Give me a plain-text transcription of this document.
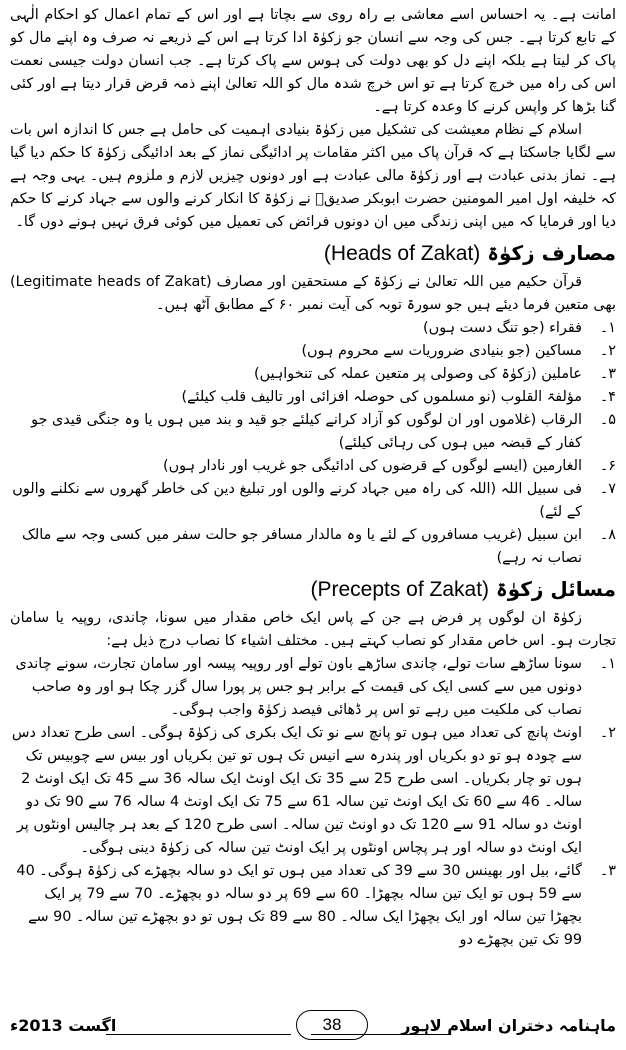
امانت ہے۔ یہ احساس اسے معاشی بے راہ روی سے بچاتا ہے اور اس کے تمام اعمال کو احکام الٰہی کے تابع کرتا ہے۔ جس کی وجہ سے انسان جو زکوٰۃ ادا کرتا ہے اس کے ذریعے نہ صرف وہ اپنے مال کو پاک کر لیتا ہے بلکہ اپنے دل کو بھی دولت کی ہوس سے پاک کرتا ہے۔ جب انسان دولت جیسی نعمت اس کی راہ میں خرچ کرتا ہے تو اس خرچ شدہ مال کو اللہ تعالیٰ اپنے ذمہ قرض قرار دیتا ہے اور کئی گنا بڑھا کر واپس کرنے کا وعدہ کرتا ہے۔

اسلام کے نظام معیشت کی تشکیل میں زکوٰۃ بنیادی اہمیت کی حامل ہے جس کا اندازہ اس بات سے لگایا جاسکتا ہے کہ قرآن پاک میں اکثر مقامات پر ادائیگی نماز کے بعد ادائیگی زکوٰۃ کا حکم دیا گیا ہے۔ نماز بدنی عبادت ہے اور زکوٰۃ مالی عبادت ہے اور دونوں چیزیں لازم و ملزوم ہیں۔ یہی وجہ ہے کہ خلیفہ اول امیر المومنین حضرت ابوبکر صدیقؓ نے زکوٰۃ کا انکار کرنے والوں سے جہاد کرنے کا حکم دیا اور فرمایا کہ میں اپنی زندگی میں ان دونوں فرائض کی تعمیل میں کوئی فرق نہیں ہونے دوں گا۔

مصارف زکوٰۃ (Heads of Zakat)

قرآن حکیم میں اللہ تعالیٰ نے زکوٰۃ کے مستحقین اور مصارف (Legitimate heads of Zakat) بھی متعین فرما دیئے ہیں جو سورۃ توبہ کی آیت نمبر ۶۰ کے مطابق آٹھ ہیں۔

۱۔
فقراء (جو تنگ دست ہوں)
۲۔
مساکین (جو بنیادی ضروریات سے محروم ہوں)
۳۔
عاملین (زکوٰۃ کی وصولی پر متعین عملہ کی تنخواہیں)
۴۔
مؤلفۃ القلوب (نو مسلموں کی حوصلہ افزائی اور تالیف قلب کیلئے)
۵۔
الرقاب (غلاموں اور ان لوگوں کو آزاد کرانے کیلئے جو قید و بند میں ہوں یا وہ جنگی قیدی جو کفار کے قبضہ میں ہوں کی رہائی کیلئے)
۶۔
الغارمین (ایسے لوگوں کے قرضوں کی ادائیگی جو غریب اور نادار ہوں)
۷۔
فی سبیل اللہ (اللہ کی راہ میں جہاد کرنے والوں اور تبلیغ دین کی خاطر گھروں سے نکلنے والوں کے لئے)
۸۔
ابن سبیل (غریب مسافروں کے لئے یا وہ مالدار مسافر جو حالت سفر میں کسی وجہ سے مالک نصاب نہ رہے)
مسائل زکوٰۃ (Precepts of Zakat)

زکوٰۃ ان لوگوں پر فرض ہے جن کے پاس ایک خاص مقدار میں سونا، چاندی، روپیہ یا سامان تجارت ہو۔ اس خاص مقدار کو نصاب کہتے ہیں۔ مختلف اشیاء کا نصاب درج ذیل ہے:

۱۔
سونا ساڑھے سات تولے، چاندی ساڑھے باون تولے اور روپیہ پیسہ اور سامان تجارت، سونے چاندی دونوں میں سے کسی ایک کی قیمت کے برابر ہو جس پر پورا سال گزر چکا ہو اور وہ صاحب نصاب کی ملکیت میں رہے تو اس پر ڈھائی فیصد زکوٰۃ واجب ہوگی۔
۲۔
اونٹ پانچ کی تعداد میں ہوں تو پانچ سے نو تک ایک بکری کی زکوٰۃ ہوگی۔ اسی طرح تعداد دس سے چودہ ہو تو دو بکریاں اور پندرہ سے انیس تک ہوں تو تین بکریاں اور بیس سے چوبیس تک ہوں تو چار بکریاں۔ اسی طرح 25 سے 35 تک ایک اونٹ ایک سالہ 36 سے 45 تک ایک اونٹ 2 سالہ۔ 46 سے 60 تک ایک اونٹ تین سالہ 61 سے 75 تک ایک اونٹ 4 سالہ 76 سے 90 تک دو اونٹ دو سالہ 91 سے 120 تک دو اونٹ تین سالہ۔ اسی طرح 120 کے بعد ہر چالیس اونٹوں پر ایک اونٹ دو سالہ اور ہر پچاس اونٹوں پر ایک اونٹ تین سالہ کی زکوٰۃ دینی ہوگی۔
۳۔
گائے، بیل اور بھینس 30 سے 39 کی تعداد میں ہوں تو ایک دو سالہ بچھڑے کی زکوٰۃ ہوگی۔ 40 سے 59 ہوں تو ایک تین سالہ بچھڑا۔ 60 سے 69 پر دو سالہ دو بچھڑے۔ 70 سے 79 پر ایک بچھڑا تین سالہ اور ایک بچھڑا ایک سالہ۔ 80 سے 89 تک ہوں تو دو بچھڑے تین سالہ۔ 90 سے 99 تک تین بچھڑے دو
ماہنامہ دختران اسلام لاہور
38
اگست 2013ء
